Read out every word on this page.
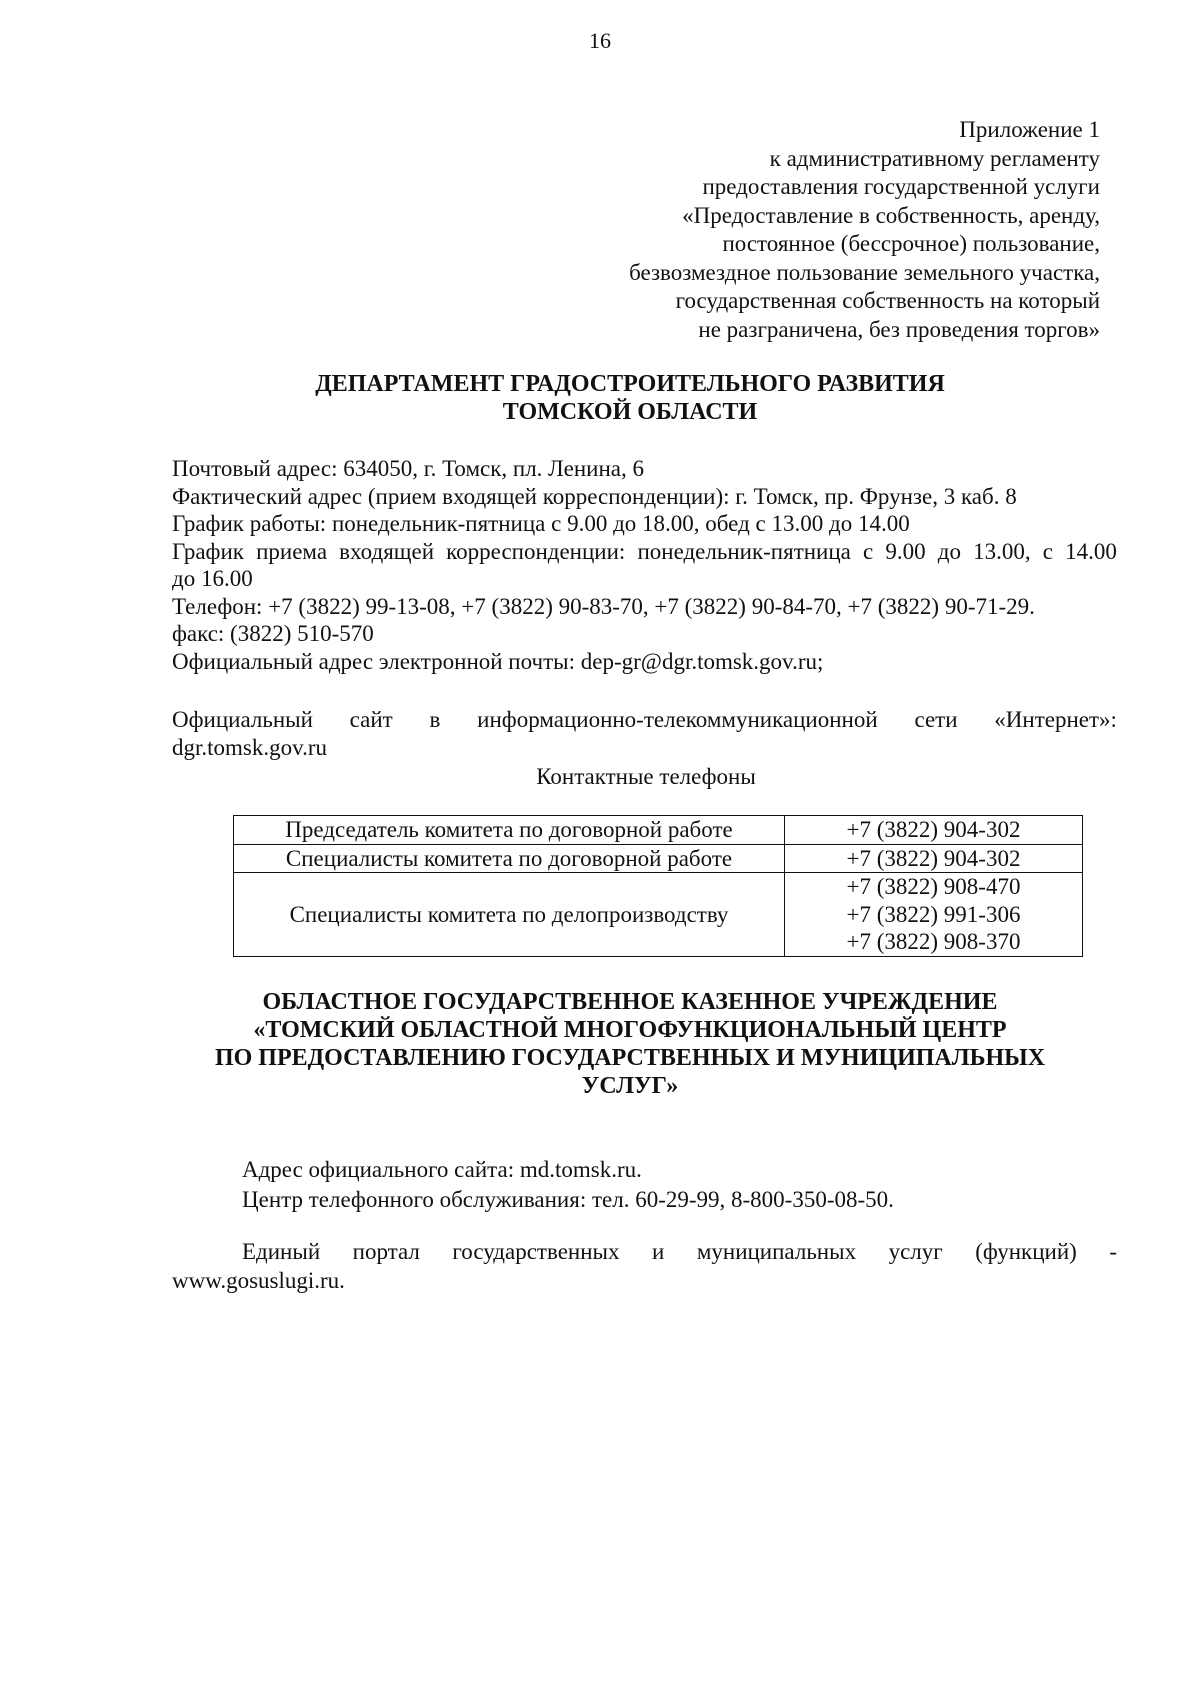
16
Приложение 1
к административному регламенту
предоставления государственной услуги
«Предоставление в собственность, аренду,
постоянное (бессрочное) пользование,
безвозмездное пользование земельного участка,
государственная собственность на который
не разграничена, без проведения торгов»
ДЕПАРТАМЕНТ ГРАДОСТРОИТЕЛЬНОГО РАЗВИТИЯ
ТОМСКОЙ ОБЛАСТИ

Почтовый адрес: 634050, г. Томск, пл. Ленина, 6

Фактический адрес (прием входящей корреспонденции): г. Томск, пр. Фрунзе, 3 каб. 8

График работы: понедельник-пятница с 9.00 до 18.00, обед с 13.00 до 14.00

График приема входящей корреспонденции: понедельник-пятница с 9.00 до 13.00, с 14.00

до 16.00

Телефон: +7 (3822) 99-13-08, +7 (3822) 90-83-70, +7 (3822) 90-84-70, +7 (3822) 90-71-29.

факс: (3822) 510-570

Официальный адрес электронной почты: dep-gr@dgr.tomsk.gov.ru;

Официальный сайт в информационно-телекоммуникационной сети «Интернет»:
dgr.tomsk.gov.ru
Контактные телефоны
Председатель комитета по договорной работе	+7 (3822) 904-302
Специалисты комитета по договорной работе	+7 (3822) 904-302
Специалисты комитета по делопроизводству	+7 (3822) 908-470
+7 (3822) 991-306
+7 (3822) 908-370
ОБЛАСТНОЕ ГОСУДАРСТВЕННОЕ КАЗЕННОЕ УЧРЕЖДЕНИЕ
«ТОМСКИЙ ОБЛАСТНОЙ МНОГОФУНКЦИОНАЛЬНЫЙ ЦЕНТР
ПО ПРЕДОСТАВЛЕНИЮ ГОСУДАРСТВЕННЫХ И МУНИЦИПАЛЬНЫХ
УСЛУГ»

Адрес официального сайта: md.tomsk.ru.

Центр телефонного обслуживания: тел. 60-29-99, 8-800-350-08-50.

Единый портал государственных и муниципальных услуг (функций) -
www.gosuslugi.ru.
